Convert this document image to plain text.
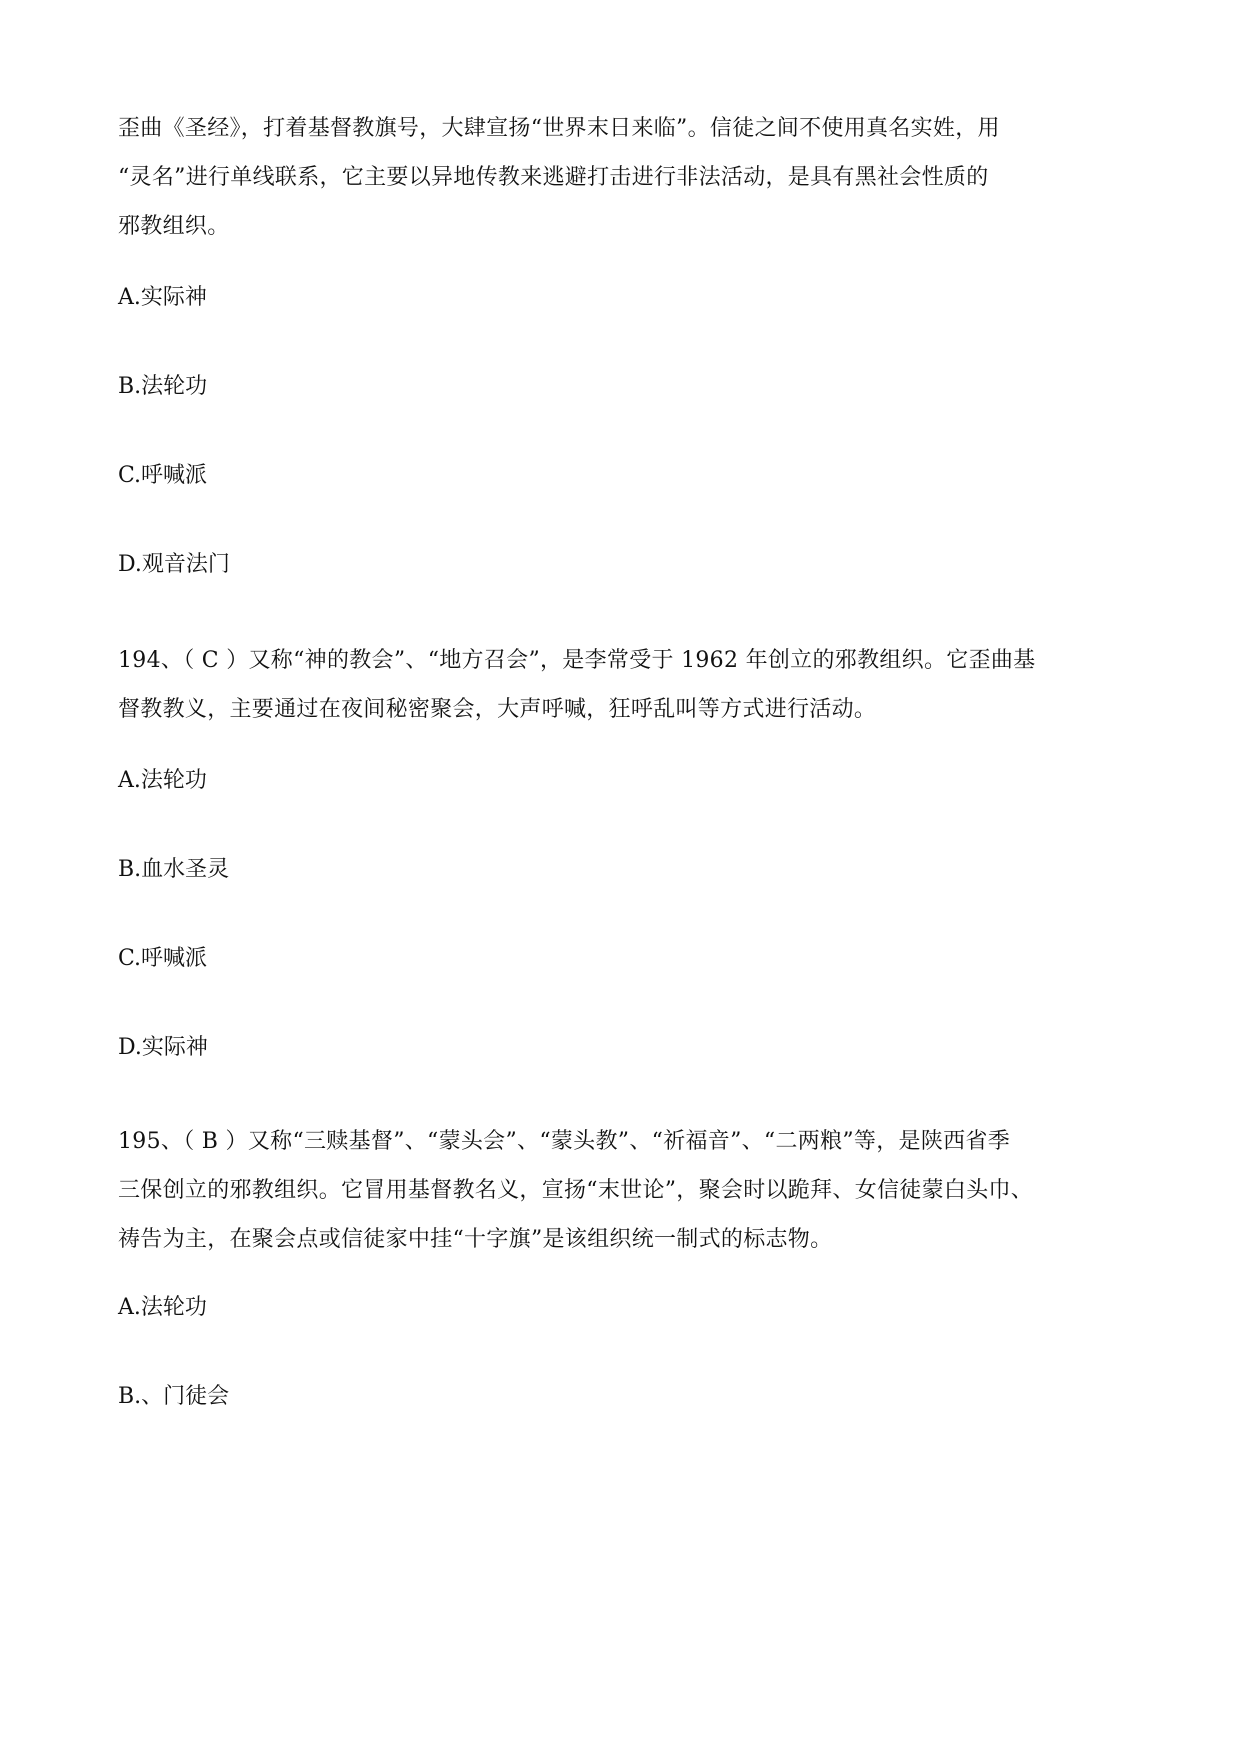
歪曲《圣经》，打着基督教旗号，大肆宣扬“世界末日来临”。信徒之间不使用真名实姓，用
“灵名”进行单线联系，它主要以异地传教来逃避打击进行非法活动，是具有黑社会性质的
邪教组织。

A.实际神

B.法轮功

C.呼喊派

D.观音法门

194、（ C ）又称“神的教会”、“地方召会”，是李常受于 1962 年创立的邪教组织。它歪曲基
督教教义，主要通过在夜间秘密聚会，大声呼喊，狂呼乱叫等方式进行活动。

A.法轮功

B.血水圣灵

C.呼喊派

D.实际神

195、（ B ）又称“三赎基督”、“蒙头会”、“蒙头教”、“祈福音”、“二两粮”等，是陕西省季
三保创立的邪教组织。它冒用基督教名义，宣扬“末世论”，聚会时以跪拜、女信徒蒙白头巾、
祷告为主，在聚会点或信徒家中挂“十字旗”是该组织统一制式的标志物。

A.法轮功

B.、门徒会
